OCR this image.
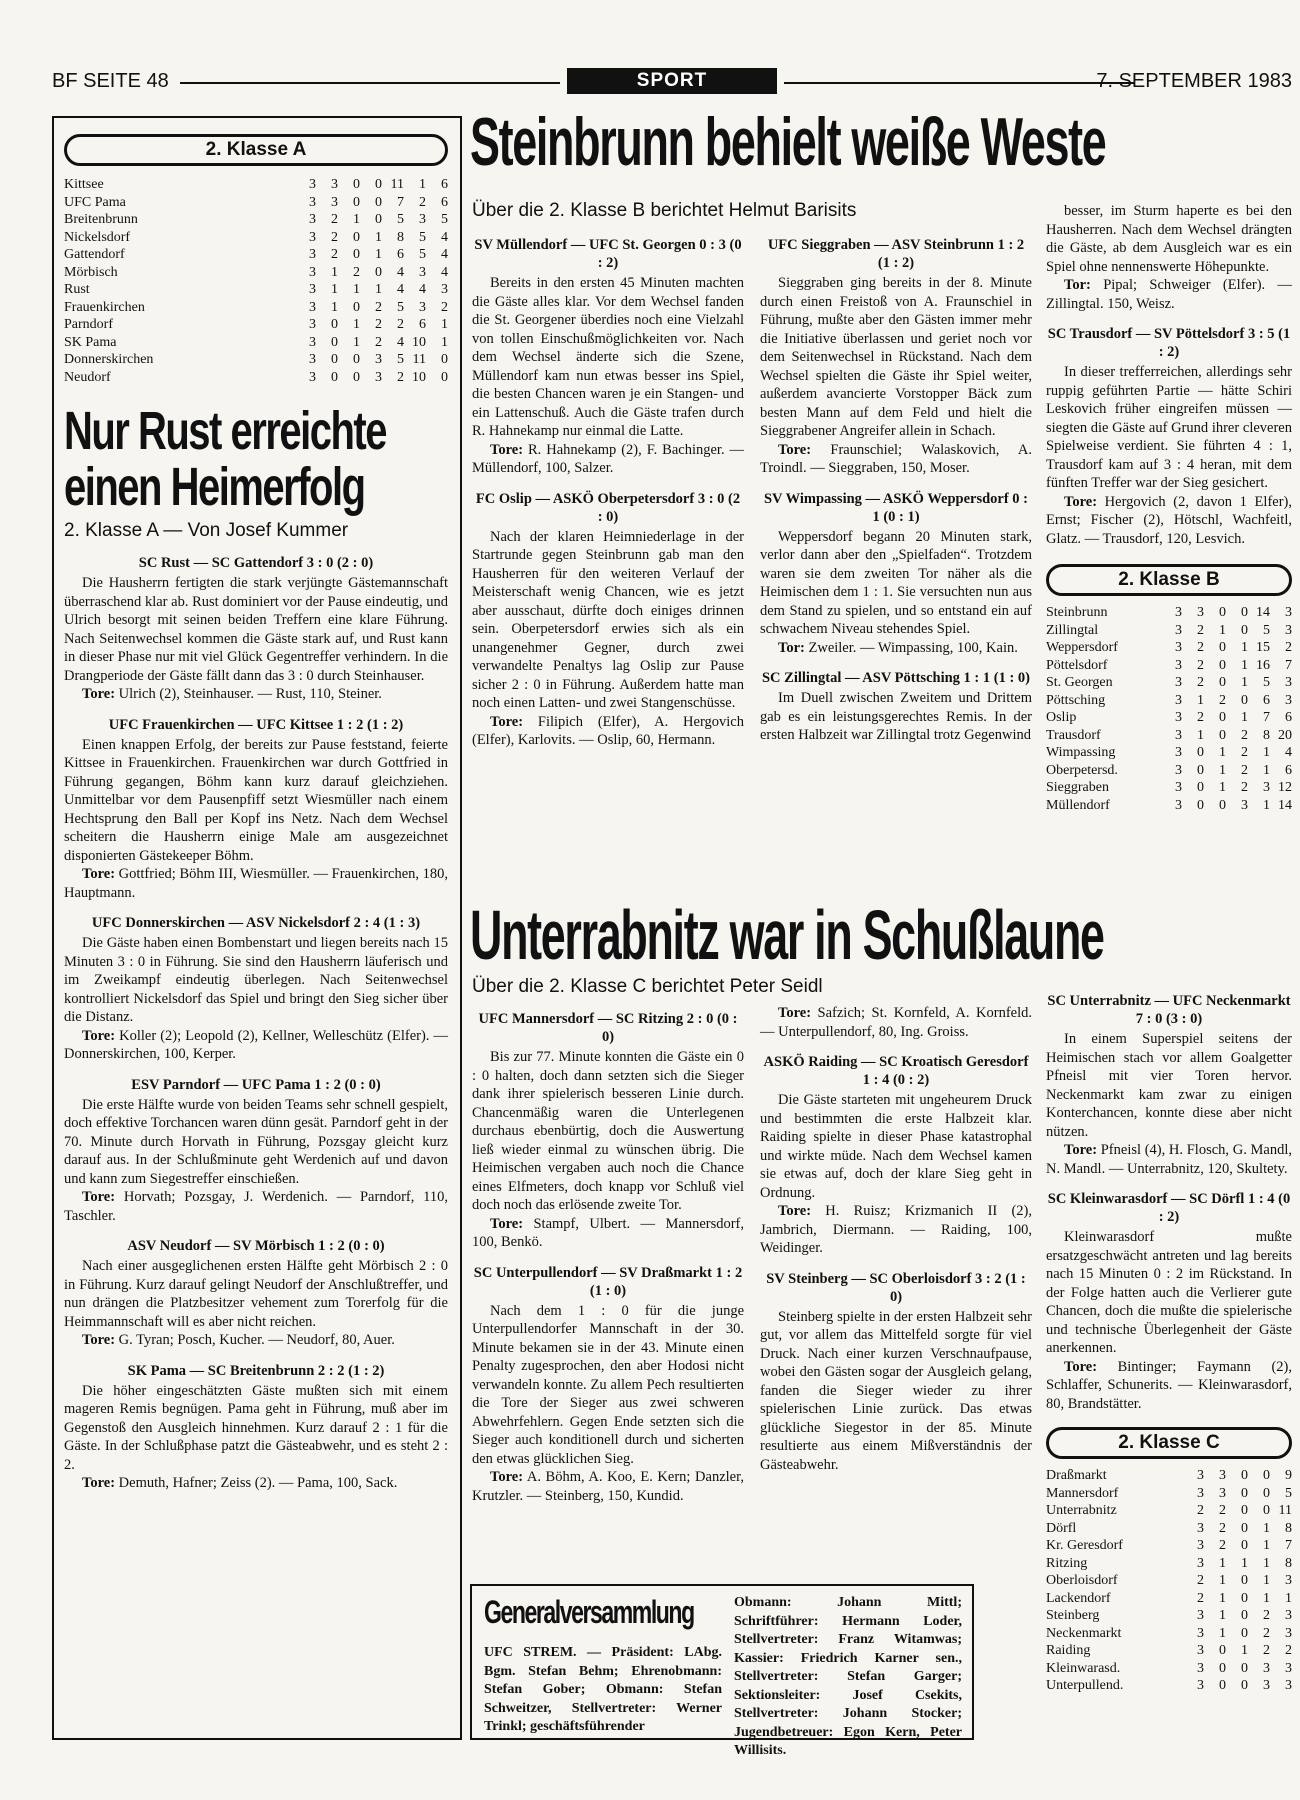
BF SEITE 48	SPORT	7. SEPTEMBER 1983
2. Klasse A
Kittsee	3	3	0	0	11	1	6
UFC Pama	3	3	0	0	7	2	6
Breitenbrunn	3	2	1	0	5	3	5
Nickelsdorf	3	2	0	1	8	5	4
Gattendorf	3	2	0	1	6	5	4
Mörbisch	3	1	2	0	4	3	4
Rust	3	1	1	1	4	4	3
Frauenkirchen	3	1	0	2	5	3	2
Parndorf	3	0	1	2	2	6	1
SK Pama	3	0	1	2	4	10	1
Donnerskirchen	3	0	0	3	5	11	0
Neudorf	3	0	0	3	2	10	0
Nur Rust erreichte
einen Heimerfolg
2. Klasse A — Von Josef Kummer
SC Rust — SC Gattendorf 3 : 0 (2 : 0)

Die Hausherrn fertigten die stark verjüngte Gästemannschaft überraschend klar ab. Rust dominiert vor der Pause eindeutig, und Ulrich besorgt mit seinen beiden Treffern eine klare Führung. Nach Seitenwechsel kommen die Gäste stark auf, und Rust kann in dieser Phase nur mit viel Glück Gegentreffer verhindern. In die Drangperiode der Gäste fällt dann das 3 : 0 durch Steinhauser.

Tore: Ulrich (2), Steinhauser. — Rust, 110, Steiner.

UFC Frauenkirchen — UFC Kittsee 1 : 2 (1 : 2)

Einen knappen Erfolg, der bereits zur Pause feststand, feierte Kittsee in Frauenkirchen. Frauenkirchen war durch Gottfried in Führung gegangen, Böhm kann kurz darauf gleichziehen. Unmittelbar vor dem Pausenpfiff setzt Wiesmüller nach einem Hechtsprung den Ball per Kopf ins Netz. Nach dem Wechsel scheitern die Hausherrn einige Male am ausgezeichnet disponierten Gästekeeper Böhm.

Tore: Gottfried; Böhm III, Wiesmüller. — Frauenkirchen, 180, Hauptmann.

UFC Donnerskirchen — ASV Nickelsdorf 2 : 4 (1 : 3)

Die Gäste haben einen Bombenstart und liegen bereits nach 15 Minuten 3 : 0 in Führung. Sie sind den Hausherrn läuferisch und im Zweikampf eindeutig überlegen. Nach Seitenwechsel kontrolliert Nickelsdorf das Spiel und bringt den Sieg sicher über die Distanz.

Tore: Koller (2); Leopold (2), Kellner, Welleschütz (Elfer). — Donnerskirchen, 100, Kerper.

ESV Parndorf — UFC Pama 1 : 2 (0 : 0)

Die erste Hälfte wurde von beiden Teams sehr schnell gespielt, doch effektive Torchancen waren dünn gesät. Parndorf geht in der 70. Minute durch Horvath in Führung, Pozsgay gleicht kurz darauf aus. In der Schlußminute geht Werdenich auf und davon und kann zum Siegestreffer einschießen.

Tore: Horvath; Pozsgay, J. Werdenich. — Parndorf, 110, Taschler.

ASV Neudorf — SV Mörbisch 1 : 2 (0 : 0)

Nach einer ausgeglichenen ersten Hälfte geht Mörbisch 2 : 0 in Führung. Kurz darauf gelingt Neudorf der Anschlußtreffer, und nun drängen die Platzbesitzer vehement zum Torerfolg für die Heimmannschaft will es aber nicht reichen.

Tore: G. Tyran; Posch, Kucher. — Neudorf, 80, Auer.

SK Pama — SC Breitenbrunn 2 : 2 (1 : 2)

Die höher eingeschätzten Gäste mußten sich mit einem mageren Remis begnügen. Pama geht in Führung, muß aber im Gegenstoß den Ausgleich hinnehmen. Kurz darauf 2 : 1 für die Gäste. In der Schlußphase patzt die Gästeabwehr, und es steht 2 : 2.

Tore: Demuth, Hafner; Zeiss (2). — Pama, 100, Sack.

Steinbrunn behielt weiße Weste
Über die 2. Klasse B berichtet Helmut Barisits
SV Müllendorf — UFC St. Georgen 0 : 3 (0 : 2)

Bereits in den ersten 45 Minuten machten die Gäste alles klar. Vor dem Wechsel fanden die St. Georgener überdies noch eine Vielzahl von tollen Einschußmöglichkeiten vor. Nach dem Wechsel änderte sich die Szene, Müllendorf kam nun etwas besser ins Spiel, die besten Chancen waren je ein Stangen- und ein Lattenschuß. Auch die Gäste trafen durch R. Hahnekamp nur einmal die Latte.

Tore: R. Hahnekamp (2), F. Bachinger. — Müllendorf, 100, Salzer.

FC Oslip — ASKÖ Oberpetersdorf 3 : 0 (2 : 0)

Nach der klaren Heimniederlage in der Startrunde gegen Steinbrunn gab man den Hausherren für den weiteren Verlauf der Meisterschaft wenig Chancen, wie es jetzt aber ausschaut, dürfte doch einiges drinnen sein. Oberpetersdorf erwies sich als ein unangenehmer Gegner, durch zwei verwandelte Penaltys lag Oslip zur Pause sicher 2 : 0 in Führung. Außerdem hatte man noch einen Latten- und zwei Stangenschüsse.

Tore: Filipich (Elfer), A. Hergovich (Elfer), Karlovits. — Oslip, 60, Hermann.

UFC Sieggraben — ASV Steinbrunn 1 : 2 (1 : 2)

Sieggraben ging bereits in der 8. Minute durch einen Freistoß von A. Fraunschiel in Führung, mußte aber den Gästen immer mehr die Initiative überlassen und geriet noch vor dem Seitenwechsel in Rückstand. Nach dem Wechsel spielten die Gäste ihr Spiel weiter, außerdem avancierte Vorstopper Bäck zum besten Mann auf dem Feld und hielt die Sieggrabener Angreifer allein in Schach.

Tore: Fraunschiel; Walaskovich, A. Troindl. — Sieggraben, 150, Moser.

SV Wimpassing — ASKÖ Weppersdorf 0 : 1 (0 : 1)

Weppersdorf begann 20 Minuten stark, verlor dann aber den „Spielfaden“. Trotzdem waren sie dem zweiten Tor näher als die Heimischen dem 1 : 1. Sie versuchten nun aus dem Stand zu spielen, und so entstand ein auf schwachem Niveau stehendes Spiel.

Tor: Zweiler. — Wimpassing, 100, Kain.

SC Zillingtal — ASV Pöttsching 1 : 1 (1 : 0)

Im Duell zwischen Zweitem und Drittem gab es ein leistungsgerechtes Remis. In der ersten Halbzeit war Zillingtal trotz Gegenwind

besser, im Sturm haperte es bei den Hausherren. Nach dem Wechsel drängten die Gäste, ab dem Ausgleich war es ein Spiel ohne nennenswerte Höhepunkte.

Tor: Pipal; Schweiger (Elfer). — Zillingtal. 150, Weisz.

SC Trausdorf — SV Pöttelsdorf 3 : 5 (1 : 2)

In dieser trefferreichen, allerdings sehr ruppig geführten Partie — hätte Schiri Leskovich früher eingreifen müssen — siegten die Gäste auf Grund ihrer cleveren Spielweise verdient. Sie führten 4 : 1, Trausdorf kam auf 3 : 4 heran, mit dem fünften Treffer war der Sieg gesichert.

Tore: Hergovich (2, davon 1 Elfer), Ernst; Fischer (2), Hötschl, Wachfeitl, Glatz. — Trausdorf, 120, Lesvich.

2. Klasse B
Steinbrunn	3	3	0	0	14	3
Zillingtal	3	2	1	0	5	3
Weppersdorf	3	2	0	1	15	2
Pöttelsdorf	3	2	0	1	16	7
St. Georgen	3	2	0	1	5	3
Pöttsching	3	1	2	0	6	3
Oslip	3	2	0	1	7	6
Trausdorf	3	1	0	2	8	20
Wimpassing	3	0	1	2	1	4
Oberpetersd.	3	0	1	2	1	6
Sieggraben	3	0	1	2	3	12
Müllendorf	3	0	0	3	1	14
Unterrabnitz war in Schußlaune
Über die 2. Klasse C berichtet Peter Seidl
UFC Mannersdorf — SC Ritzing 2 : 0 (0 : 0)

Bis zur 77. Minute konnten die Gäste ein 0 : 0 halten, doch dann setzten sich die Sieger dank ihrer spielerisch besseren Linie durch. Chancenmäßig waren die Unterlegenen durchaus ebenbürtig, doch die Auswertung ließ wieder einmal zu wünschen übrig. Die Heimischen vergaben auch noch die Chance eines Elfmeters, doch knapp vor Schluß viel doch noch das erlösende zweite Tor.

Tore: Stampf, Ulbert. — Mannersdorf, 100, Benkö.

SC Unterpullendorf — SV Draßmarkt 1 : 2 (1 : 0)

Nach dem 1 : 0 für die junge Unterpullendorfer Mannschaft in der 30. Minute bekamen sie in der 43. Minute einen Penalty zugesprochen, den aber Hodosi nicht verwandeln konnte. Zu allem Pech resultierten die Tore der Sieger aus zwei schweren Abwehrfehlern. Gegen Ende setzten sich die Sieger auch konditionell durch und sicherten den etwas glücklichen Sieg.

Tore: A. Böhm, A. Koo, E. Kern; Danzler, Krutzler. — Steinberg, 150, Kundid.

Tore: Safzich; St. Kornfeld, A. Kornfeld. — Unterpullendorf, 80, Ing. Groiss.

ASKÖ Raiding — SC Kroatisch Geresdorf 1 : 4 (0 : 2)

Die Gäste starteten mit ungeheurem Druck und bestimmten die erste Halbzeit klar. Raiding spielte in dieser Phase katastrophal und wirkte müde. Nach dem Wechsel kamen sie etwas auf, doch der klare Sieg geht in Ordnung.

Tore: H. Ruisz; Krizmanich II (2), Jambrich, Diermann. — Raiding, 100, Weidinger.

SV Steinberg — SC Oberloisdorf 3 : 2 (1 : 0)

Steinberg spielte in der ersten Halbzeit sehr gut, vor allem das Mittelfeld sorgte für viel Druck. Nach einer kurzen Verschnaufpause, wobei den Gästen sogar der Ausgleich gelang, fanden die Sieger wieder zu ihrer spielerischen Linie zurück. Das etwas glückliche Siegestor in der 85. Minute resultierte aus einem Mißverständnis der Gästeabwehr.

SC Unterrabnitz — UFC Neckenmarkt 7 : 0 (3 : 0)

In einem Superspiel seitens der Heimischen stach vor allem Goalgetter Pfneisl mit vier Toren hervor. Neckenmarkt kam zwar zu einigen Konterchancen, konnte diese aber nicht nützen.

Tore: Pfneisl (4), H. Flosch, G. Mandl, N. Mandl. — Unterrabnitz, 120, Skultety.

SC Kleinwarasdorf — SC Dörfl 1 : 4 (0 : 2)

Kleinwarasdorf mußte ersatzgeschwächt antreten und lag bereits nach 15 Minuten 0 : 2 im Rückstand. In der Folge hatten auch die Verlierer gute Chancen, doch die mußte die spielerische und technische Überlegenheit der Gäste anerkennen.

Tore: Bintinger; Faymann (2), Schlaffer, Schunerits. — Kleinwarasdorf, 80, Brandstätter.

2. Klasse C
Draßmarkt	3	3	0	0	9
Mannersdorf	3	3	0	0	5
Unterrabnitz	2	2	0	0	11
Dörfl	3	2	0	1	8
Kr. Geresdorf	3	2	0	1	7
Ritzing	3	1	1	1	8
Oberloisdorf	2	1	0	1	3
Lackendorf	2	1	0	1	1
Steinberg	3	1	0	2	3
Neckenmarkt	3	1	0	2	3
Raiding	3	0	1	2	2
Kleinwarasd.	3	0	0	3	3
Unterpullend.	3	0	0	3	3
Generalversammlung
UFC STREM. — Präsident: LAbg. Bgm. Stefan Behm; Ehrenobmann: Stefan Gober; Obmann: Stefan Schweitzer, Stellvertreter: Werner Trinkl; geschäftsführender
Obmann: Johann Mittl; Schriftführer: Hermann Loder, Stellvertreter: Franz Witamwas; Kassier: Friedrich Karner sen., Stellvertreter: Stefan Garger; Sektionsleiter: Josef Csekits, Stellvertreter: Johann Stocker; Jugendbetreuer: Egon Kern, Peter Willisits.
